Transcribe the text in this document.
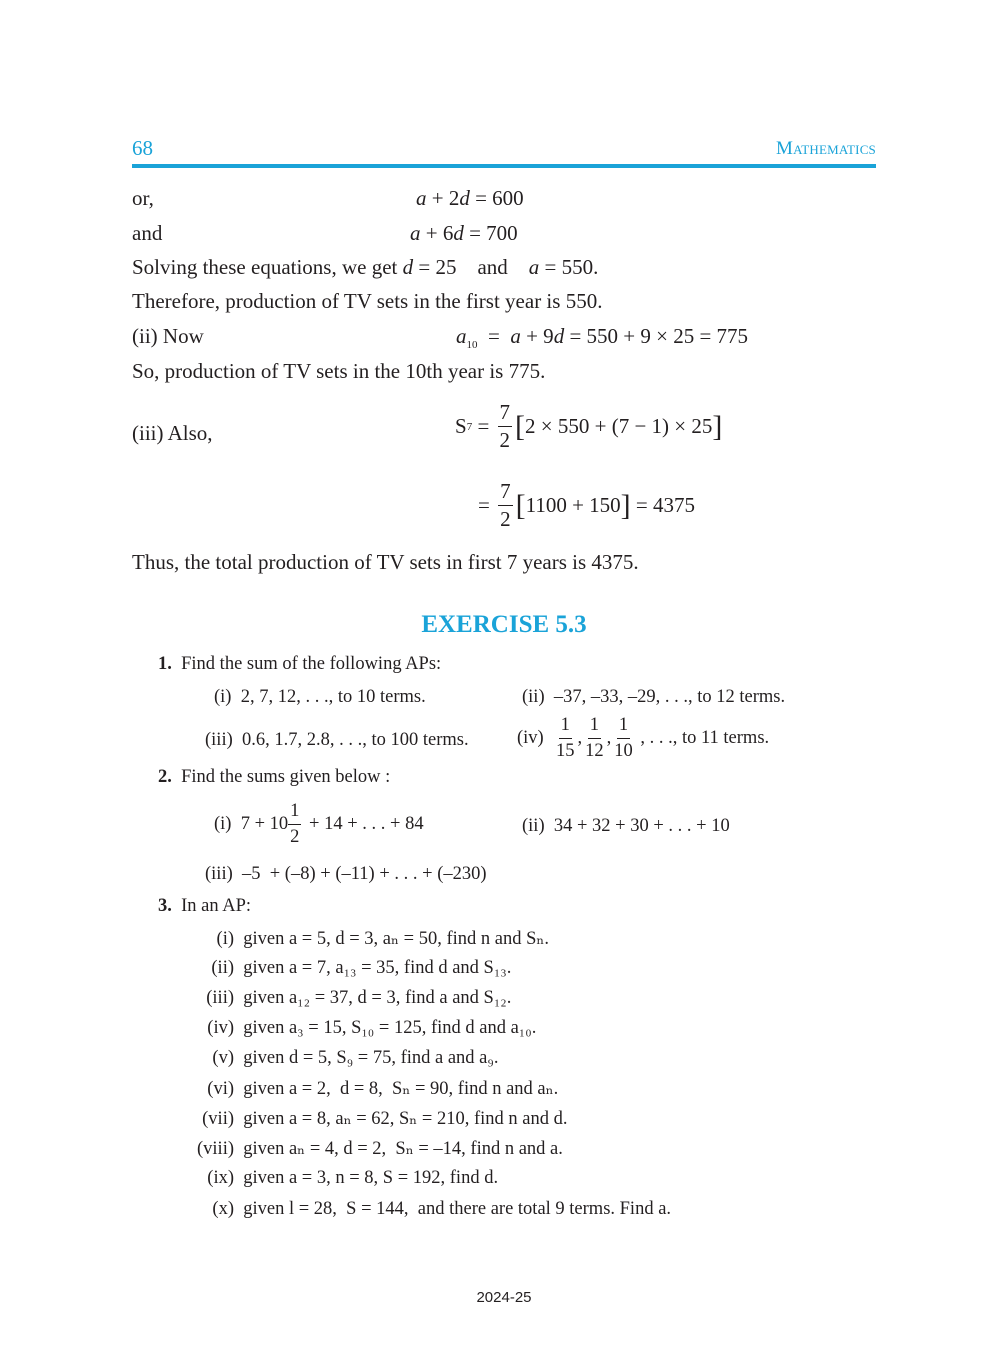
68	Mathematics
or,	a + 2d = 600
and	a + 6d = 700
Solving these equations, we get d = 25    and    a = 550.
Therefore, production of TV sets in the first year is 550.
(ii) Now	$a_{10} = a + 9d = 550 + 9 \times 25 = 775$
So, production of TV sets in the 10th year is 775.
(iii) Also,	S $7 = \frac{7}{2}$ [ 2 × 550 + (7 − 1) × 25 ]
= $\frac{7}{2}$ [ 1100 + 150 ] = 4375
Thus, the total production of TV sets in first 7 years is 4375.
EXERCISE 5.3
1. Find the sum of the following APs:
(i) 2, 7, 12, . . ., to 10 terms.	(ii) –37, –33, –29, . . ., to 12 terms.
(iii) 0.6, 1.7, 2.8, . . ., to 100 terms.	(iv)
$\frac{1}{15}$ , $\frac{1}{12}$ , $\frac{1}{10}$ , . . ., to 11 terms.
2. Find the sums given below :
(i)
$7 + 10 \frac{1}{2} + 14$ + . . . + 84	(ii) 34 + 32 + 30 + . . . + 10
(iii) –5  + (–8) + (–11) + . . . + (–230)
3. In an AP:
(i) given a = 5, d = 3, aₙ = 50, find n and Sₙ.
(ii) given a = 7, a₁₃ = 35, find d and S₁₃.
(iii) given a₁₂ = 37, d = 3, find a and S₁₂.
(iv) given a₃ = 15, S₁₀ = 125, find d and a₁₀.
(v) given d = 5, S₉ = 75, find a and a₉.
(vi) given a = 2,  d = 8,  Sₙ = 90, find n and aₙ.
(vii) given a = 8, aₙ = 62, Sₙ = 210, find n and d.
(viii) given aₙ = 4, d = 2,  Sₙ = –14, find n and a.
(ix) given a = 3, n = 8, S = 192, find d.
(x) given l = 28,  S = 144,  and there are total 9 terms. Find a.
2024-25
